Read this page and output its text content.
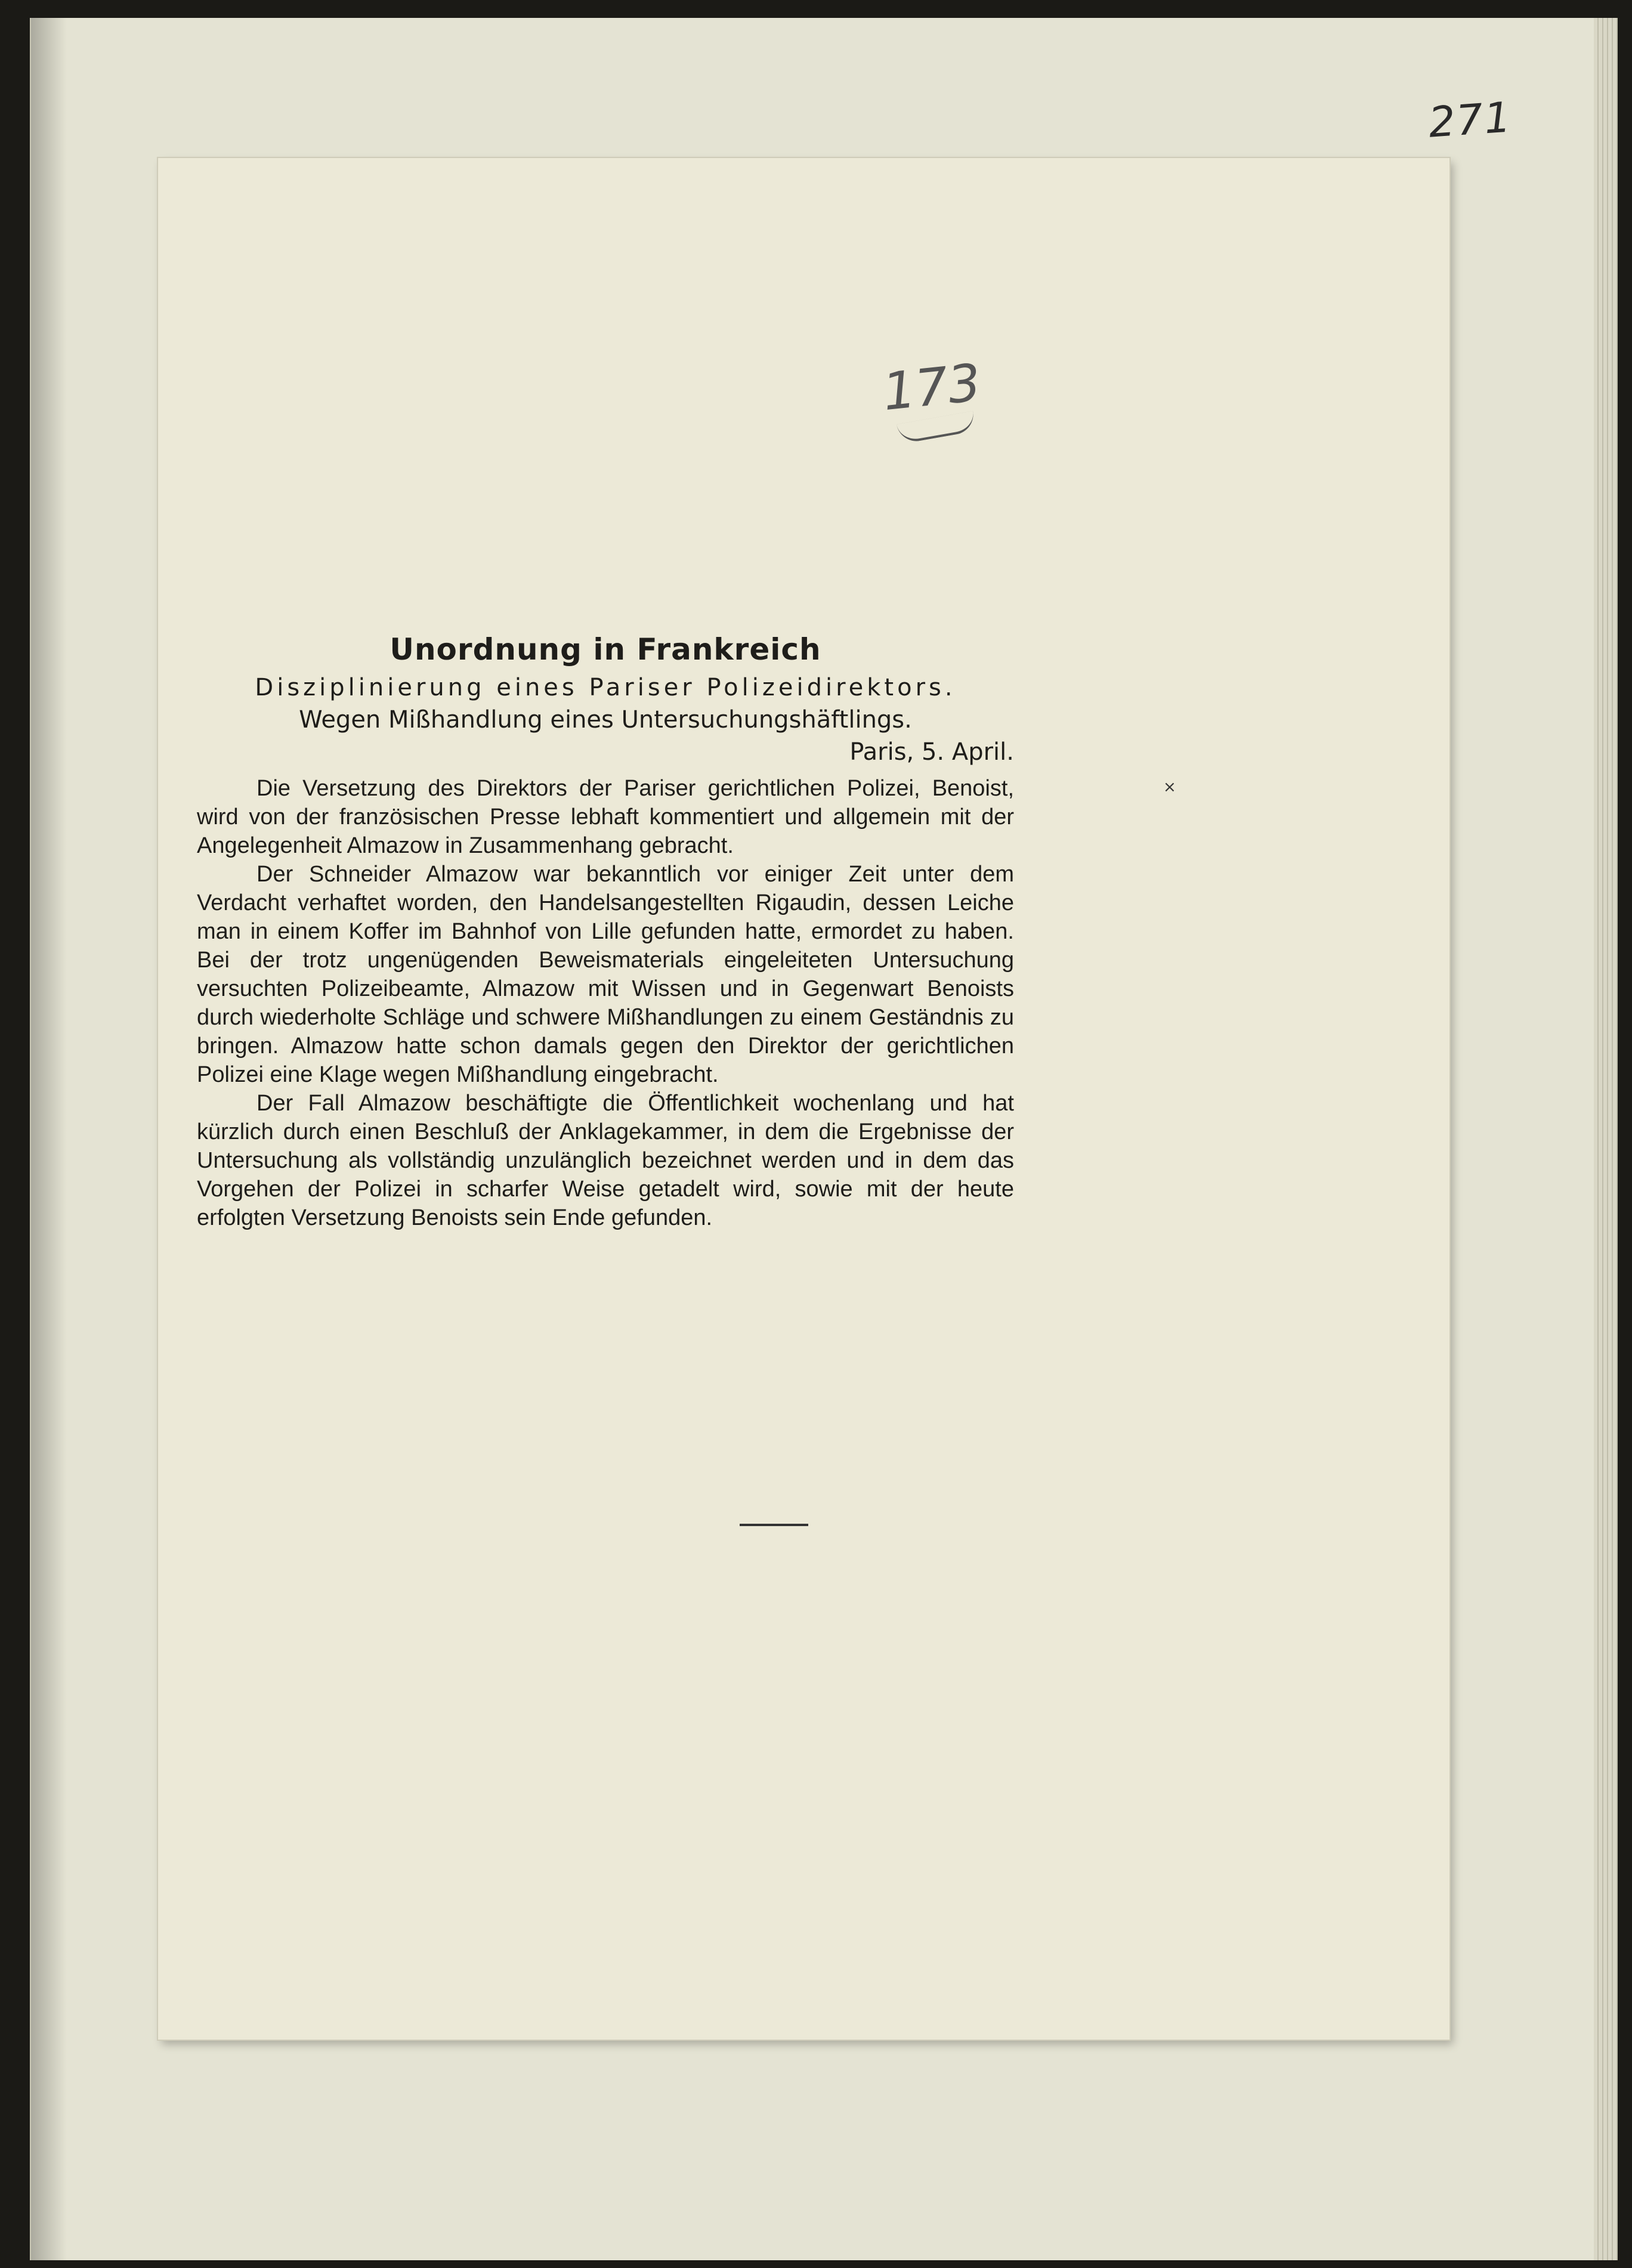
271
173
×
Unordnung in Frankreich
Disziplinierung eines Pariser Polizeidirektors.
Wegen Mißhandlung eines Untersuchungshäftlings.
Paris, 5. April.

Die Versetzung des Direktors der Pariser gerichtlichen Polizei, Benoist, wird von der französischen Presse lebhaft kommentiert und allgemein mit der Angelegenheit Almazow in Zusammenhang gebracht.

Der Schneider Almazow war bekanntlich vor einiger Zeit unter dem Verdacht verhaftet worden, den Handelsangestellten Rigaudin, dessen Leiche man in einem Koffer im Bahnhof von Lille gefunden hatte, ermordet zu haben. Bei der trotz ungenügenden Beweismaterials eingeleiteten Untersuchung versuchten Polizeibeamte, Almazow mit Wissen und in Gegenwart Benoists durch wiederholte Schläge und schwere Mißhandlungen zu einem Geständnis zu bringen. Almazow hatte schon damals gegen den Direktor der gerichtlichen Polizei eine Klage wegen Mißhandlung eingebracht.

Der Fall Almazow beschäftigte die Öffentlichkeit wochenlang und hat kürzlich durch einen Beschluß der Anklagekammer, in dem die Ergebnisse der Untersuchung als vollständig unzulänglich bezeichnet werden und in dem das Vorgehen der Polizei in scharfer Weise getadelt wird, sowie mit der heute erfolgten Versetzung Benoists sein Ende gefunden.
